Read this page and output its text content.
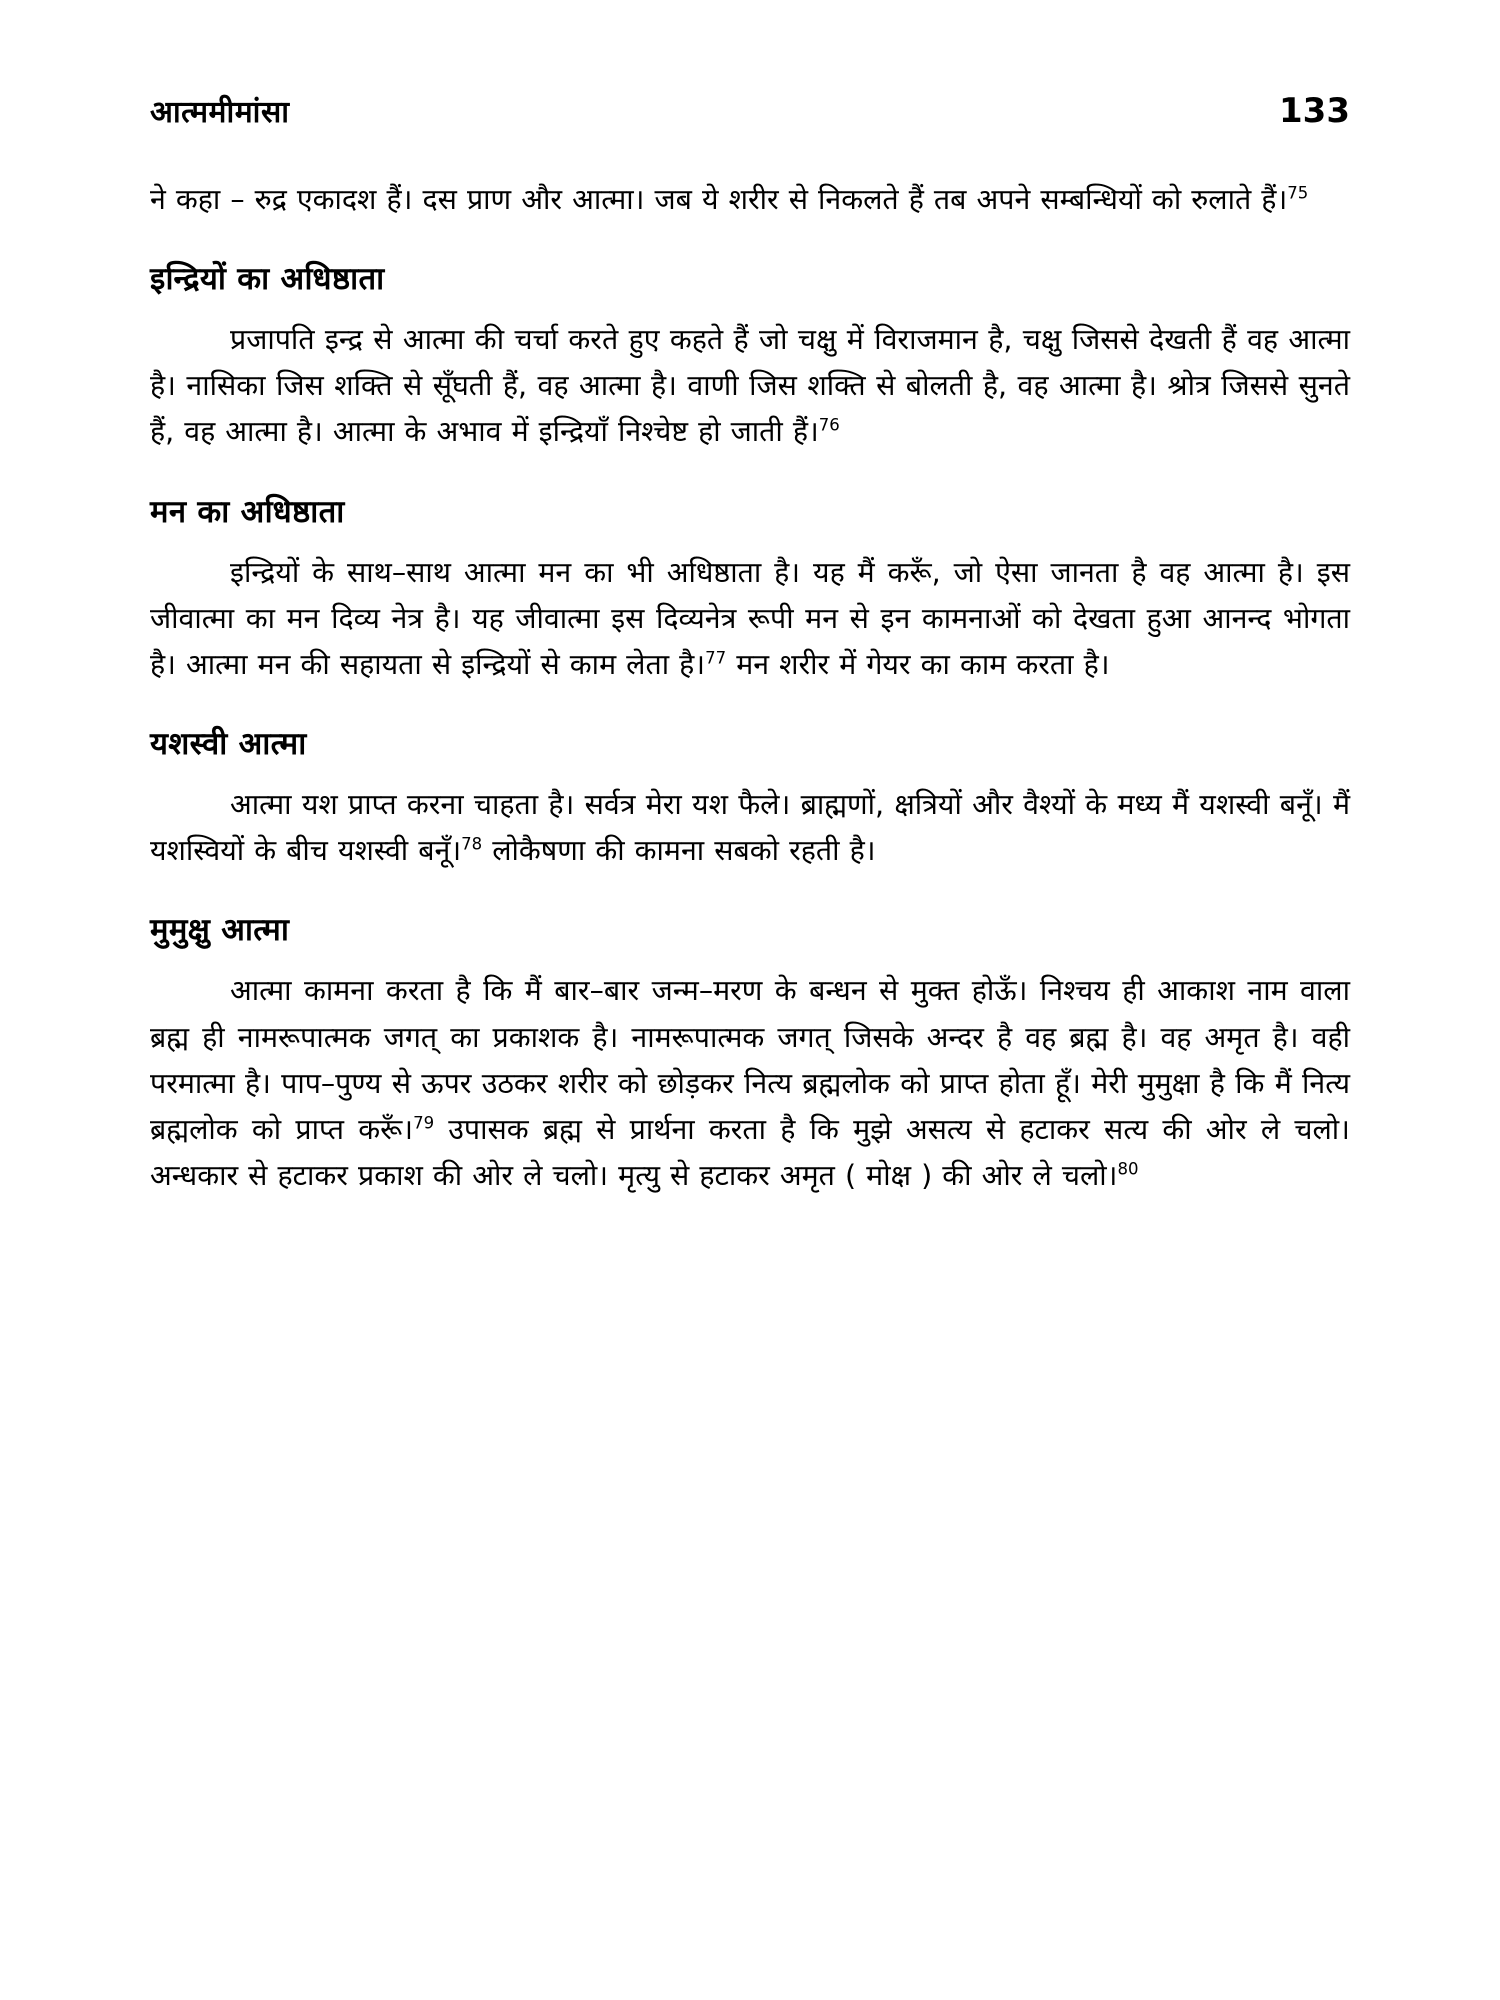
आत्ममीमांसा	133

ने कहा – रुद्र एकादश हैं। दस प्राण और आत्मा। जब ये शरीर से निकलते हैं तब अपने सम्बन्धियों को रुलाते हैं।$^{75}$

इन्द्रियों का अधिष्ठाता

प्रजापति इन्द्र से आत्मा की चर्चा करते हुए कहते हैं जो चक्षु में विराजमान है, चक्षु जिससे देखती हैं वह आत्मा है। नासिका जिस शक्ति से सूँघती हैं, वह आत्मा है। वाणी जिस शक्ति से बोलती है, वह आत्मा है। श्रोत्र जिससे सुनते हैं, वह आत्मा है। आत्मा के अभाव में इन्द्रियाँ निश्चेष्ट हो जाती हैं।$^{76}$

मन का अधिष्ठाता

इन्द्रियों के साथ–साथ आत्मा मन का भी अधिष्ठाता है। यह मैं करूँ, जो ऐसा जानता है वह आत्मा है। इस जीवात्मा का मन दिव्य नेत्र है। यह जीवात्मा इस दिव्यनेत्र रूपी मन से इन कामनाओं को देखता हुआ आनन्द भोगता है। आत्मा मन की सहायता से इन्द्रियों से काम लेता है।$^{77}$ मन शरीर में गेयर का काम करता है।

यशस्वी आत्मा

आत्मा यश प्राप्त करना चाहता है। सर्वत्र मेरा यश फैले। ब्राह्मणों, क्षत्रियों और वैश्यों के मध्य मैं यशस्वी बनूँ। मैं यशस्वियों के बीच यशस्वी बनूँ।$^{78}$ लोकैषणा की कामना सबको रहती है।

मुमुक्षु आत्मा

आत्मा कामना करता है कि मैं बार–बार जन्म–मरण के बन्धन से मुक्त होऊँ। निश्चय ही आकाश नाम वाला ब्रह्म ही नामरूपात्मक जगत् का प्रकाशक है। नामरूपात्मक जगत् जिसके अन्दर है वह ब्रह्म है। वह अमृत है। वही परमात्मा है। पाप–पुण्य से ऊपर उठकर शरीर को छोड़कर नित्य ब्रह्मलोक को प्राप्त होता हूँ। मेरी मुमुक्षा है कि मैं नित्य ब्रह्मलोक को प्राप्त करूँ।$^{79}$ उपासक ब्रह्म से प्रार्थना करता है कि मुझे असत्य से हटाकर सत्य की ओर ले चलो। अन्धकार से हटाकर प्रकाश की ओर ले चलो। मृत्यु से हटाकर अमृत ( मोक्ष ) की ओर ले चलो।$^{80}$
